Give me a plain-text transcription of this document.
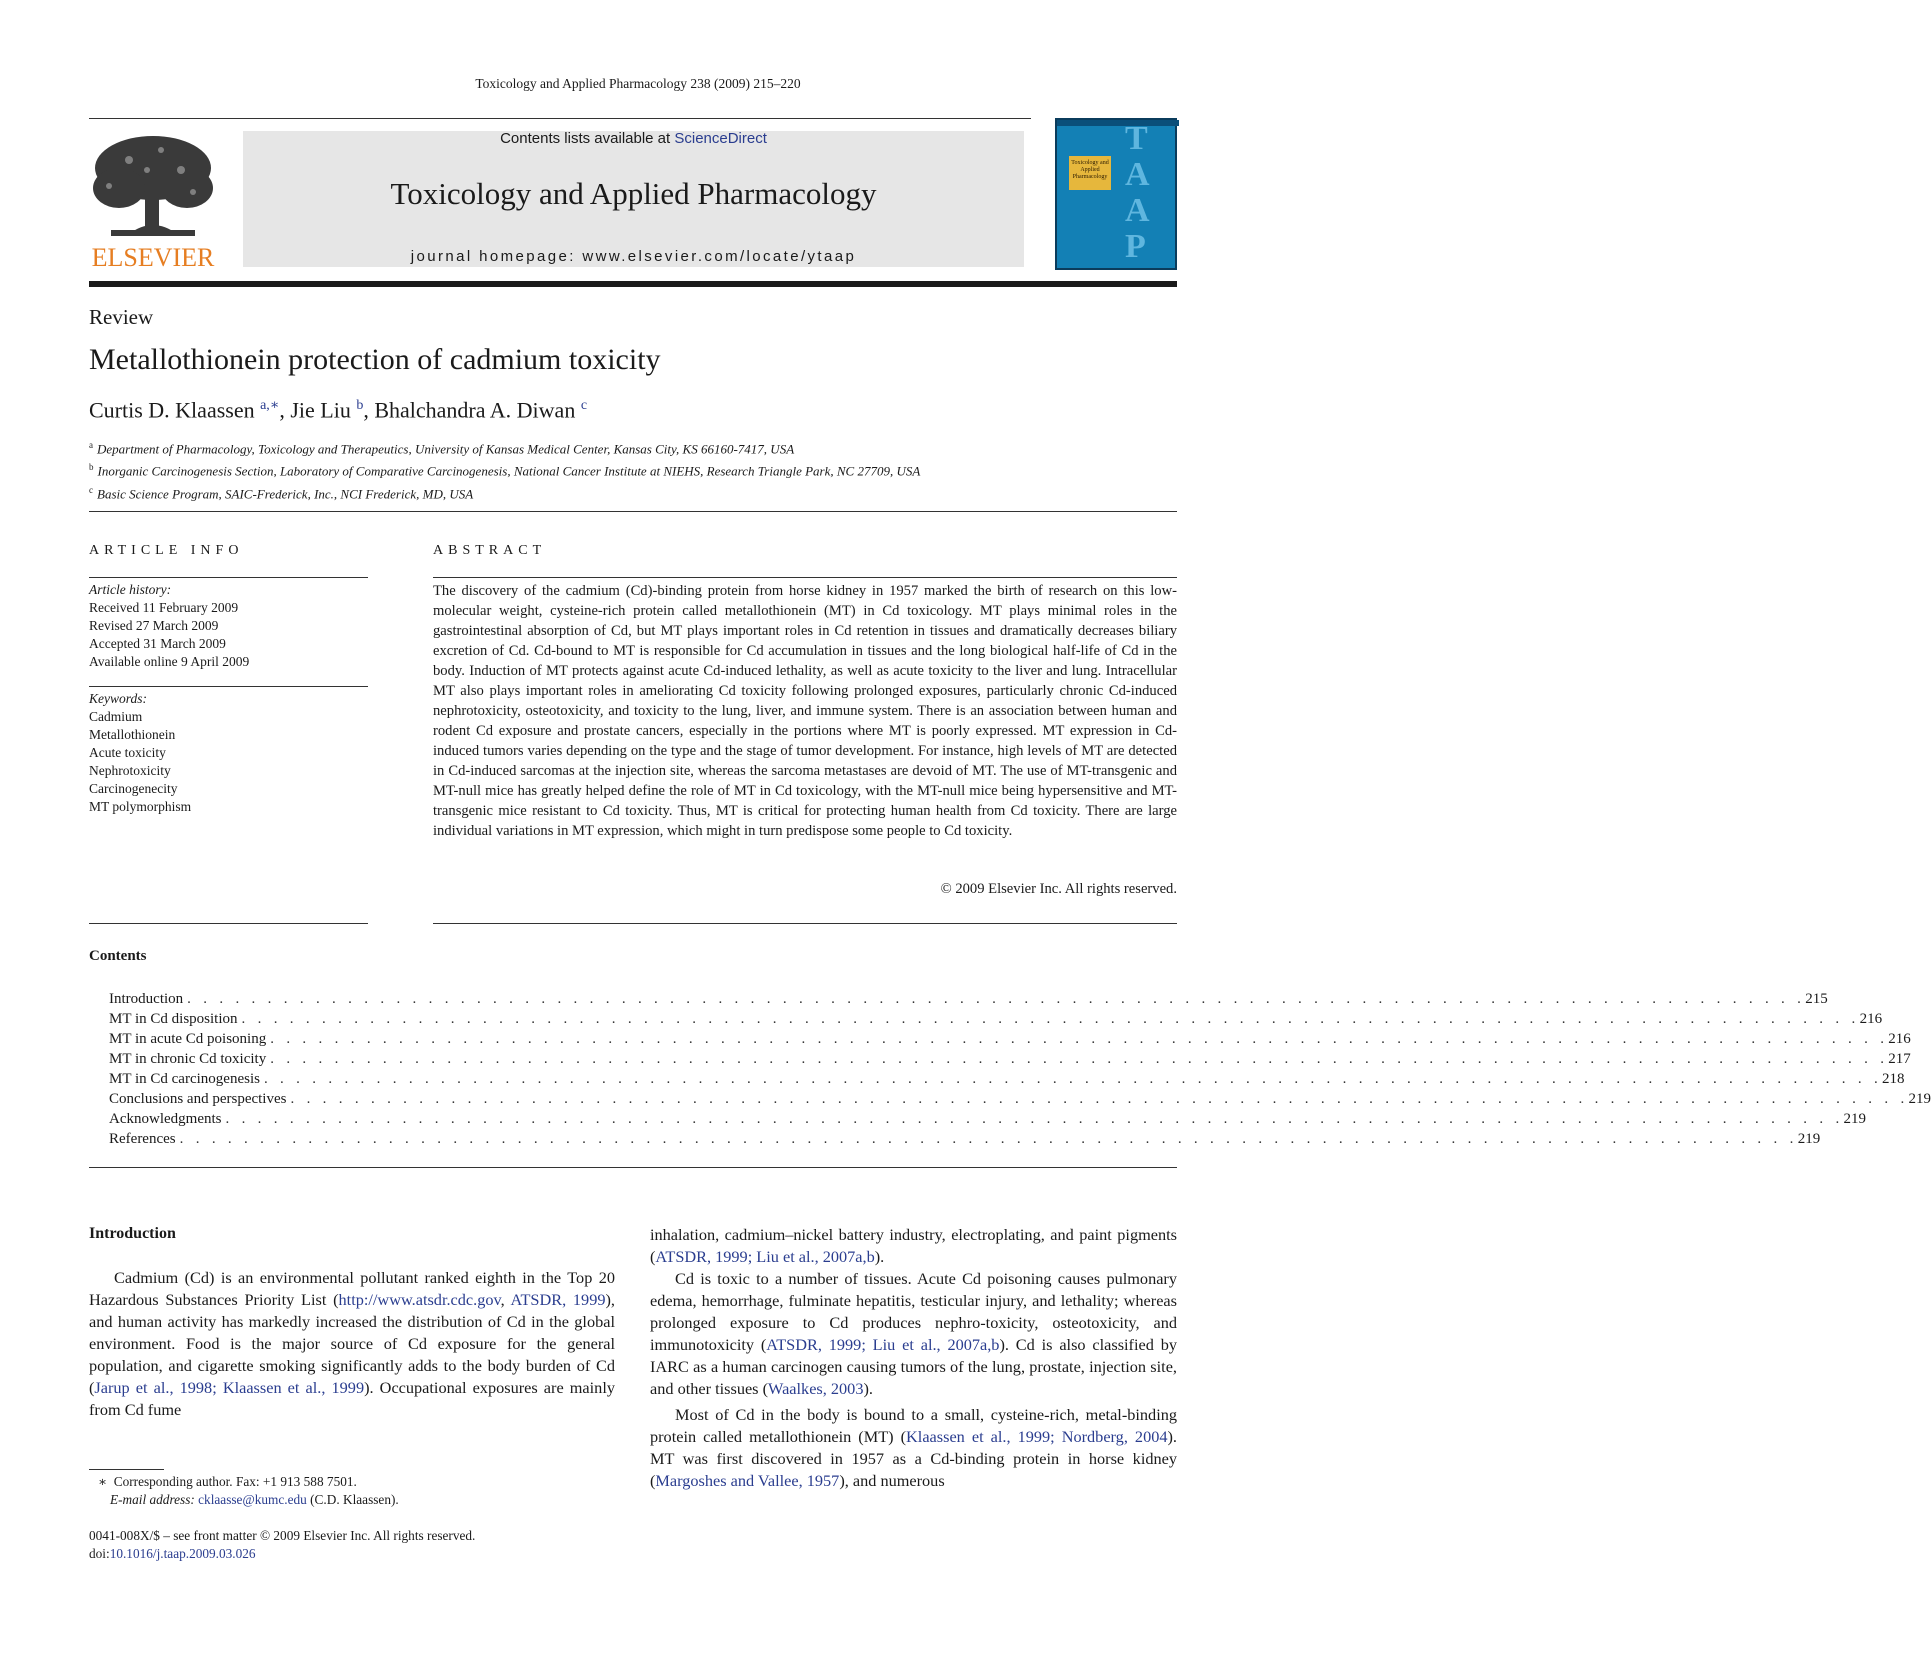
Toxicology and Applied Pharmacology 238 (2009) 215–220
ELSEVIER
Contents lists available at ScienceDirect
Toxicology and Applied Pharmacology
journal homepage: www.elsevier.com/locate/ytaap
Toxicology and Applied Pharmacology
T
A
A
P
Review
Metallothionein protection of cadmium toxicity
Curtis D. Klaassen $^{a,∗}$, Jie Liu $^b$, Bhalchandra A. Diwan $^c$
$^a$ Department of Pharmacology, Toxicology and Therapeutics, University of Kansas Medical Center, Kansas City, KS 66160-7417, USA
$^b$ Inorganic Carcinogenesis Section, Laboratory of Comparative Carcinogenesis, National Cancer Institute at NIEHS, Research Triangle Park, NC 27709, USA
$^c$ Basic Science Program, SAIC-Frederick, Inc., NCI Frederick, MD, USA
ARTICLE INFO
Article history:
Received 11 February 2009
Revised 27 March 2009
Accepted 31 March 2009
Available online 9 April 2009
Keywords:
Cadmium
Metallothionein
Acute toxicity
Nephrotoxicity
Carcinogenecity
MT polymorphism
ABSTRACT
The discovery of the cadmium (Cd)-binding protein from horse kidney in 1957 marked the birth of research on this low-molecular weight, cysteine-rich protein called metallothionein (MT) in Cd toxicology. MT plays minimal roles in the gastrointestinal absorption of Cd, but MT plays important roles in Cd retention in tissues and dramatically decreases biliary excretion of Cd. Cd-bound to MT is responsible for Cd accumulation in tissues and the long biological half-life of Cd in the body. Induction of MT protects against acute Cd-induced lethality, as well as acute toxicity to the liver and lung. Intracellular MT also plays important roles in ameliorating Cd toxicity following prolonged exposures, particularly chronic Cd-induced nephrotoxicity, osteotoxicity, and toxicity to the lung, liver, and immune system. There is an association between human and rodent Cd exposure and prostate cancers, especially in the portions where MT is poorly expressed. MT expression in Cd-induced tumors varies depending on the type and the stage of tumor development. For instance, high levels of MT are detected in Cd-induced sarcomas at the injection site, whereas the sarcoma metastases are devoid of MT. The use of MT-transgenic and MT-null mice has greatly helped define the role of MT in Cd toxicology, with the MT-null mice being hypersensitive and MT-transgenic mice resistant to Cd toxicity. Thus, MT is critical for protecting human health from Cd toxicity. There are large individual variations in MT expression, which might in turn predispose some people to Cd toxicity.
© 2009 Elsevier Inc. All rights reserved.
Contents
Introduction . . . . . . . . . . . . . . . . . . . . . . . . . . . . . . . . . . . . . . . . . . . . . . . . . . . . . . . . . . . . . . . . . . . . . . . . . . . . . . . . . . . . . . . . . . . . . . . . . . . . . 215
MT in Cd disposition . . . . . . . . . . . . . . . . . . . . . . . . . . . . . . . . . . . . . . . . . . . . . . . . . . . . . . . . . . . . . . . . . . . . . . . . . . . . . . . . . . . . . . . . . . . . . . . . . . . . . 216
MT in acute Cd poisoning . . . . . . . . . . . . . . . . . . . . . . . . . . . . . . . . . . . . . . . . . . . . . . . . . . . . . . . . . . . . . . . . . . . . . . . . . . . . . . . . . . . . . . . . . . . . . . . . . . . . . 216
MT in chronic Cd toxicity . . . . . . . . . . . . . . . . . . . . . . . . . . . . . . . . . . . . . . . . . . . . . . . . . . . . . . . . . . . . . . . . . . . . . . . . . . . . . . . . . . . . . . . . . . . . . . . . . . . . . 217
MT in Cd carcinogenesis . . . . . . . . . . . . . . . . . . . . . . . . . . . . . . . . . . . . . . . . . . . . . . . . . . . . . . . . . . . . . . . . . . . . . . . . . . . . . . . . . . . . . . . . . . . . . . . . . . . . . 218
Conclusions and perspectives . . . . . . . . . . . . . . . . . . . . . . . . . . . . . . . . . . . . . . . . . . . . . . . . . . . . . . . . . . . . . . . . . . . . . . . . . . . . . . . . . . . . . . . . . . . . . . . . . . . . . 219
Acknowledgments . . . . . . . . . . . . . . . . . . . . . . . . . . . . . . . . . . . . . . . . . . . . . . . . . . . . . . . . . . . . . . . . . . . . . . . . . . . . . . . . . . . . . . . . . . . . . . . . . . . . . 219
References . . . . . . . . . . . . . . . . . . . . . . . . . . . . . . . . . . . . . . . . . . . . . . . . . . . . . . . . . . . . . . . . . . . . . . . . . . . . . . . . . . . . . . . . . . . . . . . . . . . . . 219
Introduction

Cadmium (Cd) is an environmental pollutant ranked eighth in the Top 20 Hazardous Substances Priority List (http://www.atsdr.cdc.gov, ATSDR, 1999), and human activity has markedly increased the distribution of Cd in the global environment. Food is the major source of Cd exposure for the general population, and cigarette smoking significantly adds to the body burden of Cd (Jarup et al., 1998; Klaassen et al., 1999). Occupational exposures are mainly from Cd fume

inhalation, cadmium–nickel battery industry, electroplating, and paint pigments (ATSDR, 1999; Liu et al., 2007a,b).

Cd is toxic to a number of tissues. Acute Cd poisoning causes pulmonary edema, hemorrhage, fulminate hepatitis, testicular injury, and lethality; whereas prolonged exposure to Cd produces nephro-toxicity, osteotoxicity, and immunotoxicity (ATSDR, 1999; Liu et al., 2007a,b). Cd is also classified by IARC as a human carcinogen causing tumors of the lung, prostate, injection site, and other tissues (Waalkes, 2003).

Most of Cd in the body is bound to a small, cysteine-rich, metal-binding protein called metallothionein (MT) (Klaassen et al., 1999; Nordberg, 2004). MT was first discovered in 1957 as a Cd-binding protein in horse kidney (Margoshes and Vallee, 1957), and numerous

∗ Corresponding author. Fax: +1 913 588 7501.
E-mail address: cklaasse@kumc.edu (C.D. Klaassen).
0041-008X/$ – see front matter © 2009 Elsevier Inc. All rights reserved.
doi:10.1016/j.taap.2009.03.026
